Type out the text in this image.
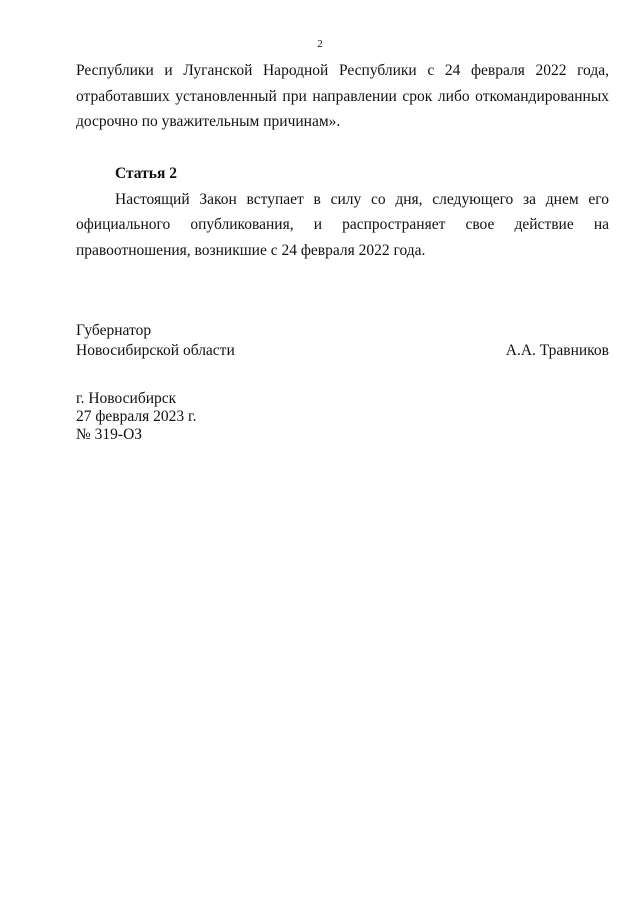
2

Республики и Луганской Народной Республики с 24 февраля 2022 года, отработавших установленный при направлении срок либо откомандированных досрочно по уважительным причинам».

Статья 2

Настоящий Закон вступает в силу со дня, следующего за днем его официального опубликования, и распространяет свое действие на правоотношения, возникшие с 24 февраля 2022 года.

Губернатор
Новосибирской области	А.А. Травников
г. Новосибирск
27 февраля 2023 г.
№ 319-ОЗ
